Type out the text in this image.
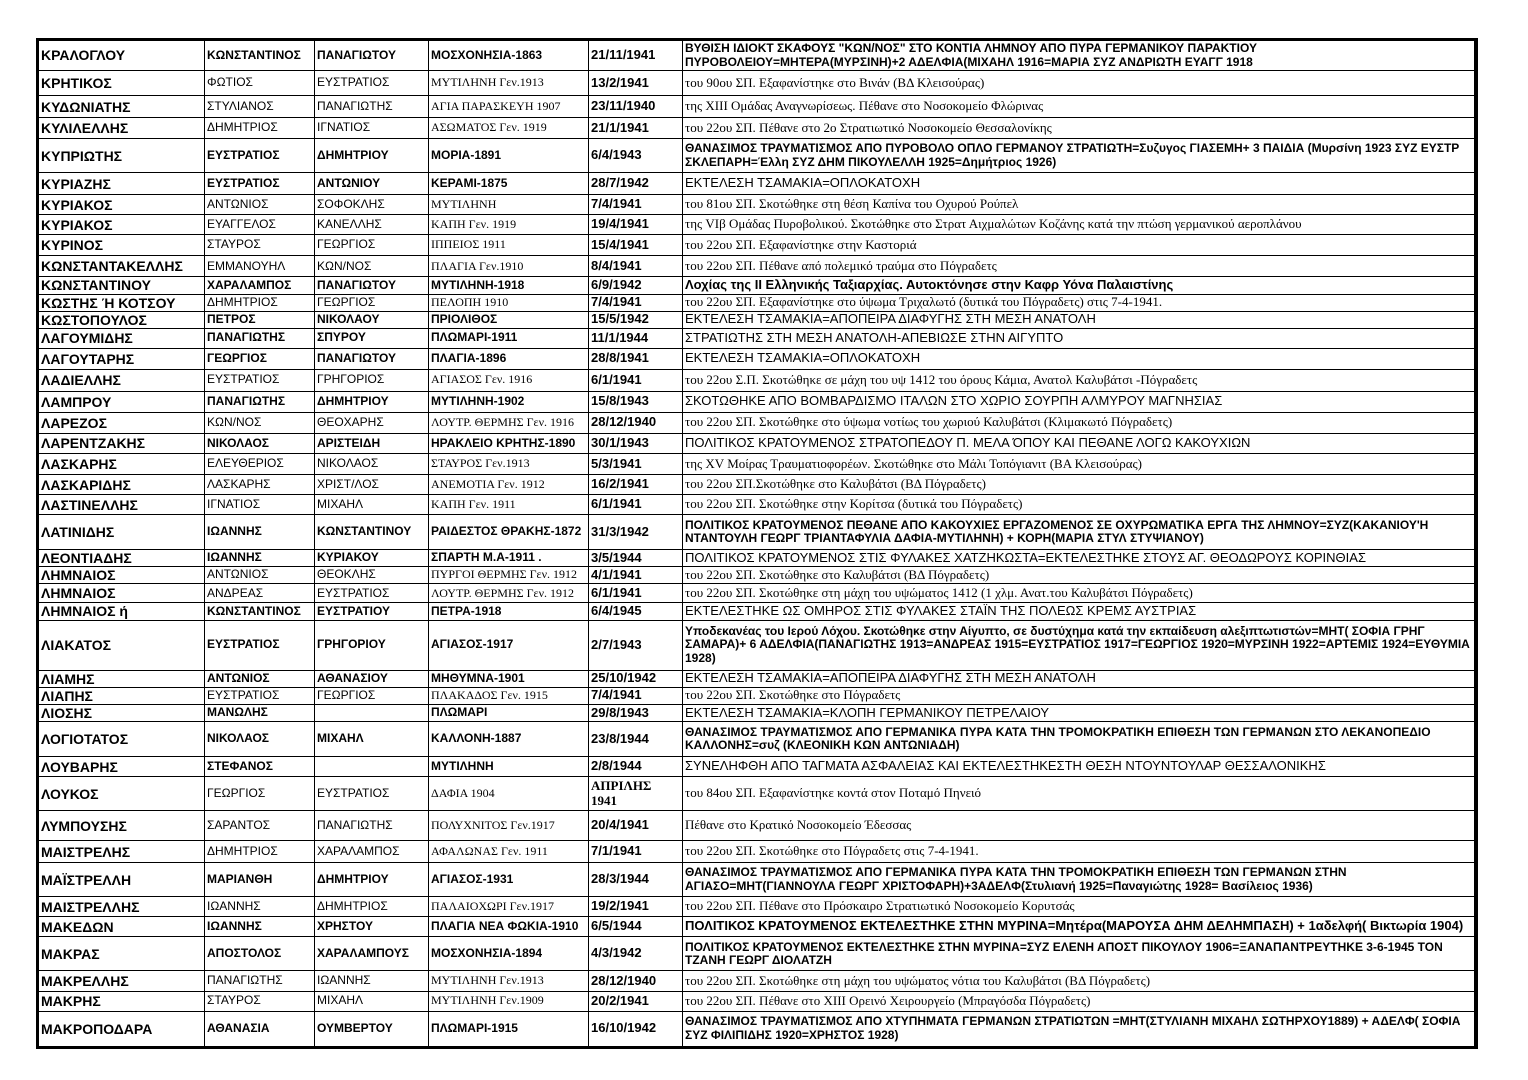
ΚΡΑΛΟΓΛΟΥ	ΚΩΝΣΤΑΝΤΙΝΟΣ	ΠΑΝΑΓΙΩΤΟΥ	ΜΟΣΧΟΝΗΣΙΑ-1863	21/11/1941	ΒΥΘΙΣΗ ΙΔΙΟΚΤ ΣΚΑΦΟΥΣ "ΚΩΝ/ΝΟΣ" ΣΤΟ ΚΟΝΤΙΑ ΛΗΜΝΟΥ ΑΠΟ ΠΥΡΑ ΓΕΡΜΑΝΙΚΟΥ ΠΑΡΑΚΤΙΟΥ ΠΥΡΟΒΟΛΕΙΟΥ=ΜΗΤΕΡΑ(ΜΥΡΣΙΝΗ)+2 ΑΔΕΛΦΙΑ(ΜΙΧΑΗΛ 1916=ΜΑΡΙΑ ΣΥΖ ΑΝΔΡΙΩΤΗ ΕΥΑΓΓ 1918
ΚΡΗΤΙΚΟΣ	ΦΩΤΙΟΣ	ΕΥΣΤΡΑΤΙΟΣ	ΜΥΤΙΛΗΝΗ Γεν.1913	13/2/1941	του 90ου ΣΠ. Εξαφανίστηκε στο Βινάν (ΒΔ Κλεισούρας)
ΚΥΔΩΝΙΑΤΗΣ	ΣΤΥΛΙΑΝΟΣ	ΠΑΝΑΓΙΩΤΗΣ	ΑΓΙΑ ΠΑΡΑΣΚΕΥΗ 1907	23/11/1940	της ΧΙΙΙ Ομάδας Αναγνωρίσεως. Πέθανε στο Νοσοκομείο Φλώρινας
ΚΥΛΙΛΕΛΛΗΣ	ΔΗΜΗΤΡΙΟΣ	ΙΓΝΑΤΙΟΣ	ΑΣΩΜΑΤΟΣ Γεν. 1919	21/1/1941	του 22ου ΣΠ. Πέθανε στο 2ο Στρατιωτικό Νοσοκομείο Θεσσαλονίκης
ΚΥΠΡΙΩΤΗΣ	ΕΥΣΤΡΑΤΙΟΣ	ΔΗΜΗΤΡΙΟΥ	ΜΟΡΙΑ-1891	6/4/1943	ΘΑΝΑΣΙΜΟΣ ΤΡΑΥΜΑΤΙΣΜΟΣ ΑΠΟ ΠΥΡΟΒΟΛΟ ΟΠΛΟ ΓΕΡΜΑΝΟΥ ΣΤΡΑΤΙΩΤΗ=Συζυγος ΓΙΑΣΕΜΗ+ 3 ΠΑΙΔΙΑ (Μυρσίνη 1923 ΣΥΖ ΕΥΣΤΡ ΣΚΛΕΠΑΡΗ=Έλλη ΣΥΖ ΔΗΜ ΠΙΚΟΥΛΕΛΛΗ 1925=Δημήτριος 1926)
ΚΥΡΙΑΖΗΣ	ΕΥΣΤΡΑΤΙΟΣ	ΑΝΤΩΝΙΟΥ	ΚΕΡΑΜΙ-1875	28/7/1942	ΕΚΤΕΛΕΣΗ ΤΣΑΜΑΚΙΑ=ΟΠΛΟΚΑΤΟΧΗ
ΚΥΡΙΑΚΟΣ	ΑΝΤΩΝΙΟΣ	ΣΟΦΟΚΛΗΣ	ΜΥΤΙΛΗΝΗ	7/4/1941	του 81ου ΣΠ. Σκοτώθηκε στη θέση Καπίνα του Οχυρού Ρούπελ
ΚΥΡΙΑΚΟΣ	ΕΥΑΓΓΕΛΟΣ	ΚΑΝΕΛΛΗΣ	ΚΑΠΗ Γεν. 1919	19/4/1941	της VIβ Ομάδας Πυροβολικού. Σκοτώθηκε στο Στρατ Αιχμαλώτων Κοζάνης κατά την πτώση γερμανικού αεροπλάνου
ΚΥΡΙΝΟΣ	ΣΤΑΥΡΟΣ	ΓΕΩΡΓΙΟΣ	ΙΠΠΕΙΟΣ 1911	15/4/1941	του 22ου ΣΠ. Εξαφανίστηκε στην Καστοριά
ΚΩΝΣΤΑΝΤΑΚΕΛΛΗΣ	ΕΜΜΑΝΟΥΗΛ	ΚΩΝ/ΝΟΣ	ΠΛΑΓΙΑ Γεν.1910	8/4/1941	του 22ου ΣΠ. Πέθανε από πολεμικό τραύμα στο Πόγραδετς
ΚΩΝΣΤΑΝΤΙΝΟΥ	ΧΑΡΑΛΑΜΠΟΣ	ΠΑΝΑΓΙΩΤΟΥ	ΜΥΤΙΛΗΝΗ-1918	6/9/1942	Λοχίας της ΙΙ Ελληνικής Ταξιαρχίας. Αυτοκτόνησε στην Καφρ Υόνα Παλαιστίνης
ΚΩΣΤΗΣ Ή ΚΟΤΣΟΥ	ΔΗΜΗΤΡΙΟΣ	ΓΕΩΡΓΙΟΣ	ΠΕΛΟΠΗ 1910	7/4/1941	του 22ου ΣΠ. Εξαφανίστηκε στο ύψωμα Τριχαλωτό (δυτικά του Πόγραδετς) στις 7-4-1941.
ΚΩΣΤΟΠΟΥΛΟΣ	ΠΕΤΡΟΣ	ΝΙΚΟΛΑΟΥ	ΠΡΙΟΛΙΘΟΣ	15/5/1942	ΕΚΤΕΛΕΣΗ ΤΣΑΜΑΚΙΑ=ΑΠΟΠΕΙΡΑ ΔΙΑΦΥΓΗΣ ΣΤΗ ΜΕΣΗ ΑΝΑΤΟΛΗ
ΛΑΓΟΥΜΙΔΗΣ	ΠΑΝΑΓΙΩΤΗΣ	ΣΠΥΡΟΥ	ΠΛΩΜΑΡΙ-1911	11/1/1944	ΣΤΡΑΤΙΩΤΗΣ ΣΤΗ ΜΕΣΗ ΑΝΑΤΟΛΗ-ΑΠΕΒΙΩΣΕ ΣΤΗΝ ΑΙΓΥΠΤΟ
ΛΑΓΟΥΤΑΡΗΣ	ΓΕΩΡΓΙΟΣ	ΠΑΝΑΓΙΩΤΟΥ	ΠΛΑΓΙΑ-1896	28/8/1941	ΕΚΤΕΛΕΣΗ ΤΣΑΜΑΚΙΑ=ΟΠΛΟΚΑΤΟΧΗ
ΛΑΔΙΕΛΛΗΣ	ΕΥΣΤΡΑΤΙΟΣ	ΓΡΗΓΟΡΙΟΣ	ΑΓΙΑΣΟΣ Γεν. 1916	6/1/1941	του 22ου Σ.Π. Σκοτώθηκε σε μάχη του υψ 1412 του όρους Κάμια, Ανατολ Καλυβάτσι -Πόγραδετς
ΛΑΜΠΡΟΥ	ΠΑΝΑΓΙΩΤΗΣ	ΔΗΜΗΤΡΙΟΥ	ΜΥΤΙΛΗΝΗ-1902	15/8/1943	ΣΚΟΤΩΘΗΚΕ ΑΠΟ ΒΟΜΒΑΡΔΙΣΜΟ ΙΤΑΛΩΝ ΣΤΟ ΧΩΡΙΟ ΣΟΥΡΠΗ ΑΛΜΥΡΟΥ ΜΑΓΝΗΣΙΑΣ
ΛΑΡΕΖΟΣ	ΚΩΝ/ΝΟΣ	ΘΕΟΧΑΡΗΣ	ΛΟΥΤΡ. ΘΕΡΜΗΣ Γεν. 1916	28/12/1940	του 22ου ΣΠ. Σκοτώθηκε στο ύψωμα νοτίως του χωριού Καλυβάτσι (Κλιμακωτό Πόγραδετς)
ΛΑΡΕΝΤΖΑΚΗΣ	ΝΙΚΟΛΑΟΣ	ΑΡΙΣΤΕΙΔΗ	ΗΡΑΚΛΕΙΟ ΚΡΗΤΗΣ-1890	30/1/1943	ΠΟΛΙΤΙΚΟΣ ΚΡΑΤΟΥΜΕΝΟΣ ΣΤΡΑΤΟΠΕΔΟΥ Π. ΜΕΛΑ ΌΠΟΥ ΚΑΙ ΠΕΘΑΝΕ ΛΟΓΩ ΚΑΚΟΥΧΙΩΝ
ΛΑΣΚΑΡΗΣ	ΕΛΕΥΘΕΡΙΟΣ	ΝΙΚΟΛΑΟΣ	ΣΤΑΥΡΟΣ Γεν.1913	5/3/1941	της XV Μοίρας Τραυματιοφορέων. Σκοτώθηκε στο Μάλι Τοπόγιανιτ (ΒΑ Κλεισούρας)
ΛΑΣΚΑΡΙΔΗΣ	ΛΑΣΚΑΡΗΣ	ΧΡΙΣΤ/ΛΟΣ	ΑΝΕΜΟΤΙΑ Γεν. 1912	16/2/1941	του 22ου ΣΠ.Σκοτώθηκε στο Καλυβάτσι (ΒΔ Πόγραδετς)
ΛΑΣΤΙΝΕΛΛΗΣ	ΙΓΝΑΤΙΟΣ	ΜΙΧΑΗΛ	ΚΑΠΗ Γεν. 1911	6/1/1941	του 22ου ΣΠ. Σκοτώθηκε στην Κορίτσα (δυτικά του Πόγραδετς)
ΛΑΤΙΝΙΔΗΣ	ΙΩΑΝΝΗΣ	ΚΩΝΣΤΑΝΤΙΝΟΥ	ΡΑΙΔΕΣΤΟΣ ΘΡΑΚΗΣ-1872	31/3/1942	ΠΟΛΙΤΙΚΟΣ ΚΡΑΤΟΥΜΕΝΟΣ ΠΕΘΑΝΕ ΑΠΟ ΚΑΚΟΥΧΙΕΣ ΕΡΓΑΖΟΜΕΝΟΣ ΣΕ ΟΧΥΡΩΜΑΤΙΚΑ ΕΡΓΑ ΤΗΣ ΛΗΜΝΟΥ=ΣΥΖ(ΚΑΚΑΝΙΟΥ'Η ΝΤΑΝΤΟΥΛΗ ΓΕΩΡΓ ΤΡΙΑΝΤΑΦΥΛΙΑ ΔΑΦΙΑ-ΜΥΤΙΛΗΝΗ) + ΚΟΡΗ(ΜΑΡΙΑ ΣΤΥΛ ΣΤΥΨΙΑΝΟΥ)
ΛΕΟΝΤΙΑΔΗΣ	ΙΩΑΝΝΗΣ	ΚΥΡΙΑΚΟΥ	ΣΠΑΡΤΗ Μ.Α-1911 .	3/5/1944	ΠΟΛΙΤΙΚΟΣ ΚΡΑΤΟΥΜΕΝΟΣ ΣΤΙΣ ΦΥΛΑΚΕΣ ΧΑΤΖΗΚΩΣΤΑ=ΕΚΤΕΛΕΣΤΗΚΕ ΣΤΟΥΣ ΑΓ. ΘΕΟΔΩΡΟΥΣ ΚΟΡΙΝΘΙΑΣ
ΛΗΜΝΑΙΟΣ	ΑΝΤΩΝΙΟΣ	ΘΕΟΚΛΗΣ	ΠΥΡΓΟΙ ΘΕΡΜΗΣ Γεν. 1912	4/1/1941	του 22ου ΣΠ. Σκοτώθηκε στο Καλυβάτσι (ΒΔ Πόγραδετς)
ΛΗΜΝΑΙΟΣ	ΑΝΔΡΕΑΣ	ΕΥΣΤΡΑΤΙΟΣ	ΛΟΥΤΡ. ΘΕΡΜΗΣ Γεν. 1912	6/1/1941	του 22ου ΣΠ. Σκοτώθηκε στη μάχη του υψώματος 1412 (1 χλμ. Ανατ.του Καλυβάτσι Πόγραδετς)
ΛΗΜΝΑΙΟΣ ή	ΚΩΝΣΤΑΝΤΙΝΟΣ	ΕΥΣΤΡΑΤΙΟΥ	ΠΕΤΡΑ-1918	6/4/1945	ΕΚΤΕΛΕΣΤΗΚΕ ΩΣ ΟΜΗΡΟΣ ΣΤΙΣ ΦΥΛΑΚΕΣ ΣΤΑΪΝ ΤΗΣ ΠΟΛΕΩΣ ΚΡΕΜΣ ΑΥΣΤΡΙΑΣ
ΛΙΑΚΑΤΟΣ	ΕΥΣΤΡΑΤΙΟΣ	ΓΡΗΓΟΡΙΟΥ	ΑΓΙΑΣΟΣ-1917	2/7/1943	Υποδεκανέας του Ιερού Λόχου. Σκοτώθηκε στην Αίγυπτο, σε δυστύχημα κατά την εκπαίδευση αλεξιπτωτιστών=ΜΗΤ( ΣΟΦΙΑ ΓΡΗΓ ΣΑΜΑΡΑ)+ 6 ΑΔΕΛΦΙΑ(ΠΑΝΑΓΙΩΤΗΣ 1913=ΑΝΔΡΕΑΣ 1915=ΕΥΣΤΡΑΤΙΟΣ 1917=ΓΕΩΡΓΙΟΣ 1920=ΜΥΡΣΙΝΗ 1922=ΑΡΤΕΜΙΣ 1924=ΕΥΘΥΜΙΑ 1928)
ΛΙΑΜΗΣ	ΑΝΤΩΝΙΟΣ	ΑΘΑΝΑΣΙΟΥ	ΜΗΘΥΜΝΑ-1901	25/10/1942	ΕΚΤΕΛΕΣΗ ΤΣΑΜΑΚΙΑ=ΑΠΟΠΕΙΡΑ ΔΙΑΦΥΓΗΣ ΣΤΗ ΜΕΣΗ ΑΝΑΤΟΛΗ
ΛΙΑΠΗΣ	ΕΥΣΤΡΑΤΙΟΣ	ΓΕΩΡΓΙΟΣ	ΠΛΑΚΑΔΟΣ Γεν. 1915	7/4/1941	του 22ου ΣΠ. Σκοτώθηκε στο Πόγραδετς
ΛΙΟΣΗΣ	ΜΑΝΩΛΗΣ		ΠΛΩΜΑΡΙ	29/8/1943	ΕΚΤΕΛΕΣΗ ΤΣΑΜΑΚΙΑ=ΚΛΟΠΗ ΓΕΡΜΑΝΙΚΟΥ ΠΕΤΡΕΛΑΙΟΥ
ΛΟΓΙΟΤΑΤΟΣ	ΝΙΚΟΛΑΟΣ	ΜΙΧΑΗΛ	ΚΑΛΛΟΝΗ-1887	23/8/1944	ΘΑΝΑΣΙΜΟΣ ΤΡΑΥΜΑΤΙΣΜΟΣ ΑΠΟ ΓΕΡΜΑΝΙΚΑ ΠΥΡΑ ΚΑΤΑ ΤΗΝ ΤΡΟΜΟΚΡΑΤΙΚΗ ΕΠΙΘΕΣΗ ΤΩΝ ΓΕΡΜΑΝΩΝ ΣΤΟ ΛΕΚΑΝΟΠΕΔΙΟ ΚΑΛΛΟΝΗΣ=συζ (ΚΛΕΟΝΙΚΗ ΚΩΝ ΑΝΤΩΝΙΑΔΗ)
ΛΟΥΒΑΡΗΣ	ΣΤΕΦΑΝΟΣ		ΜΥΤΙΛΗΝΗ	2/8/1944	ΣΥΝΕΛΗΦΘΗ ΑΠΟ ΤΑΓΜΑΤΑ ΑΣΦΑΛΕΙΑΣ ΚΑΙ ΕΚΤΕΛΕΣΤΗΚΕΣΤΗ ΘΕΣΗ ΝΤΟΥΝΤΟΥΛΑΡ ΘΕΣΣΑΛΟΝΙΚΗΣ
ΛΟΥΚΟΣ	ΓΕΩΡΓΙΟΣ	ΕΥΣΤΡΑΤΙΟΣ	ΔΑΦΙΑ 1904	ΑΠΡΙΛΗΣ 1941	του 84ου ΣΠ. Εξαφανίστηκε κοντά στον Ποταμό Πηνειό
ΛΥΜΠΟΥΣΗΣ	ΣΑΡΑΝΤΟΣ	ΠΑΝΑΓΙΩΤΗΣ	ΠΟΛΥΧΝΙΤΟΣ Γεν.1917	20/4/1941	Πέθανε στο Κρατικό Νοσοκομείο Έδεσσας
ΜΑΙΣΤΡΕΛΗΣ	ΔΗΜΗΤΡΙΟΣ	ΧΑΡΑΛΑΜΠΟΣ	ΑΦΑΛΩΝΑΣ Γεν. 1911	7/1/1941	του 22ου ΣΠ. Σκοτώθηκε στο Πόγραδετς στις 7-4-1941.
ΜΑΪΣΤΡΕΛΛΗ	ΜΑΡΙΑΝΘΗ	ΔΗΜΗΤΡΙΟΥ	ΑΓΙΑΣΟΣ-1931	28/3/1944	ΘΑΝΑΣΙΜΟΣ ΤΡΑΥΜΑΤΙΣΜΟΣ ΑΠΟ ΓΕΡΜΑΝΙΚΑ ΠΥΡΑ ΚΑΤΑ ΤΗΝ ΤΡΟΜΟΚΡΑΤΙΚΗ ΕΠΙΘΕΣΗ ΤΩΝ ΓΕΡΜΑΝΩΝ ΣΤΗΝ ΑΓΙΑΣΟ=ΜΗΤ(ΓΙΑΝΝΟΥΛΑ ΓΕΩΡΓ ΧΡΙΣΤΟΦΑΡΗ)+3ΑΔΕΛΦ(Στυλιανή 1925=Παναγιώτης 1928= Βασίλειος 1936)
ΜΑΙΣΤΡΕΛΛΗΣ	ΙΩΑΝΝΗΣ	ΔΗΜΗΤΡΙΟΣ	ΠΑΛΑΙΟΧΩΡΙ Γεν.1917	19/2/1941	του 22ου ΣΠ. Πέθανε στο Πρόσκαιρο Στρατιωτικό Νοσοκομείο Κορυτσάς
ΜΑΚΕΔΩΝ	ΙΩΑΝΝΗΣ	ΧΡΗΣΤΟΥ	ΠΛΑΓΙΑ ΝΕΑ ΦΩΚΙΑ-1910	6/5/1944	ΠΟΛΙΤΙΚΟΣ ΚΡΑΤΟΥΜΕΝΟΣ ΕΚΤΕΛΕΣΤΗΚΕ ΣΤΗΝ ΜΥΡΙΝΑ=Μητέρα(ΜΑΡΟΥΣΑ ΔΗΜ ΔΕΛΗΜΠΑΣΗ) + 1αδελφή( Βικτωρία 1904)
ΜΑΚΡΑΣ	ΑΠΟΣΤΟΛΟΣ	ΧΑΡΑΛΑΜΠΟΥΣ	ΜΟΣΧΟΝΗΣΙΑ-1894	4/3/1942	ΠΟΛΙΤΙΚΟΣ ΚΡΑΤΟΥΜΕΝΟΣ ΕΚΤΕΛΕΣΤΗΚΕ ΣΤΗΝ ΜΥΡΙΝΑ=ΣΥΖ ΕΛΕΝΗ ΑΠΟΣΤ ΠΙΚΟΥΛΟΥ 1906=ΞΑΝΑΠΑΝΤΡΕΥΤΗΚΕ 3-6-1945 ΤΟΝ ΤΖΑΝΗ ΓΕΩΡΓ ΔΙΟΛΑΤΖΗ
ΜΑΚΡΕΛΛΗΣ	ΠΑΝΑΓΙΩΤΗΣ	ΙΩΑΝΝΗΣ	ΜΥΤΙΛΗΝΗ Γεν.1913	28/12/1940	του 22ου ΣΠ. Σκοτώθηκε στη μάχη του υψώματος νότια του Καλυβάτσι (ΒΔ Πόγραδετς)
ΜΑΚΡΗΣ	ΣΤΑΥΡΟΣ	ΜΙΧΑΗΛ	ΜΥΤΙΛΗΝΗ Γεν.1909	20/2/1941	του 22ου ΣΠ. Πέθανε στο ΧΙΙΙ Ορεινό Χειρουργείο (Μπραγόσδα Πόγραδετς)
ΜΑΚΡΟΠΟΔΑΡΑ	ΑΘΑΝΑΣΙΑ	ΟΥΜΒΕΡΤΟΥ	ΠΛΩΜΑΡΙ-1915	16/10/1942	ΘΑΝΑΣΙΜΟΣ ΤΡΑΥΜΑΤΙΣΜΟΣ ΑΠΟ ΧΤΥΠΗΜΑΤΑ ΓΕΡΜΑΝΩΝ ΣΤΡΑΤΙΩΤΩΝ =ΜΗΤ(ΣΤΥΛΙΑΝΗ ΜΙΧΑΗΛ ΣΩΤΗΡΧΟΥ1889) + ΑΔΕΛΦ( ΣΟΦΙΑ ΣΥΖ ΦΙΛΙΠΙΔΗΣ 1920=ΧΡΗΣΤΟΣ 1928)
